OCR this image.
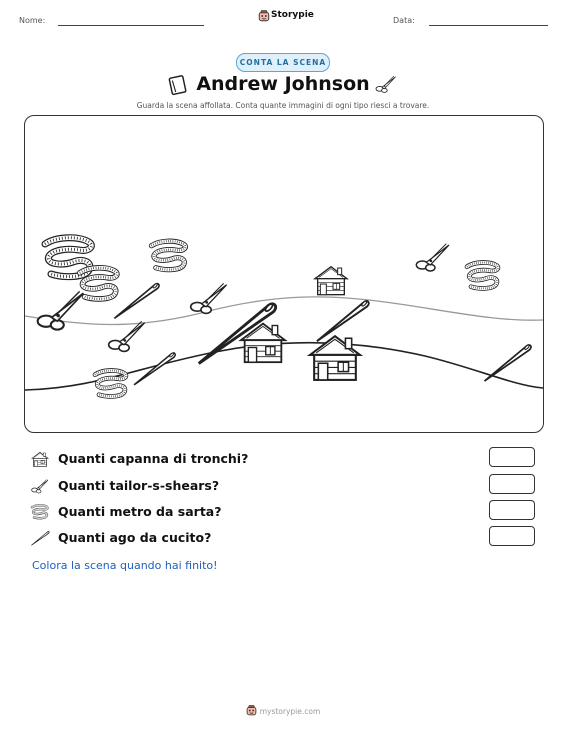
Nome:
Storypie
Data:
CONTA LA SCENA
Andrew Johnson
Guarda la scena affollata. Conta quante immagini di ogni tipo riesci a trovare.
Quanti capanna di tronchi?
Quanti tailor-s-shears?
Quanti metro da sarta?
Quanti ago da cucito?
Colora la scena quando hai finito!
mystorypie.com
